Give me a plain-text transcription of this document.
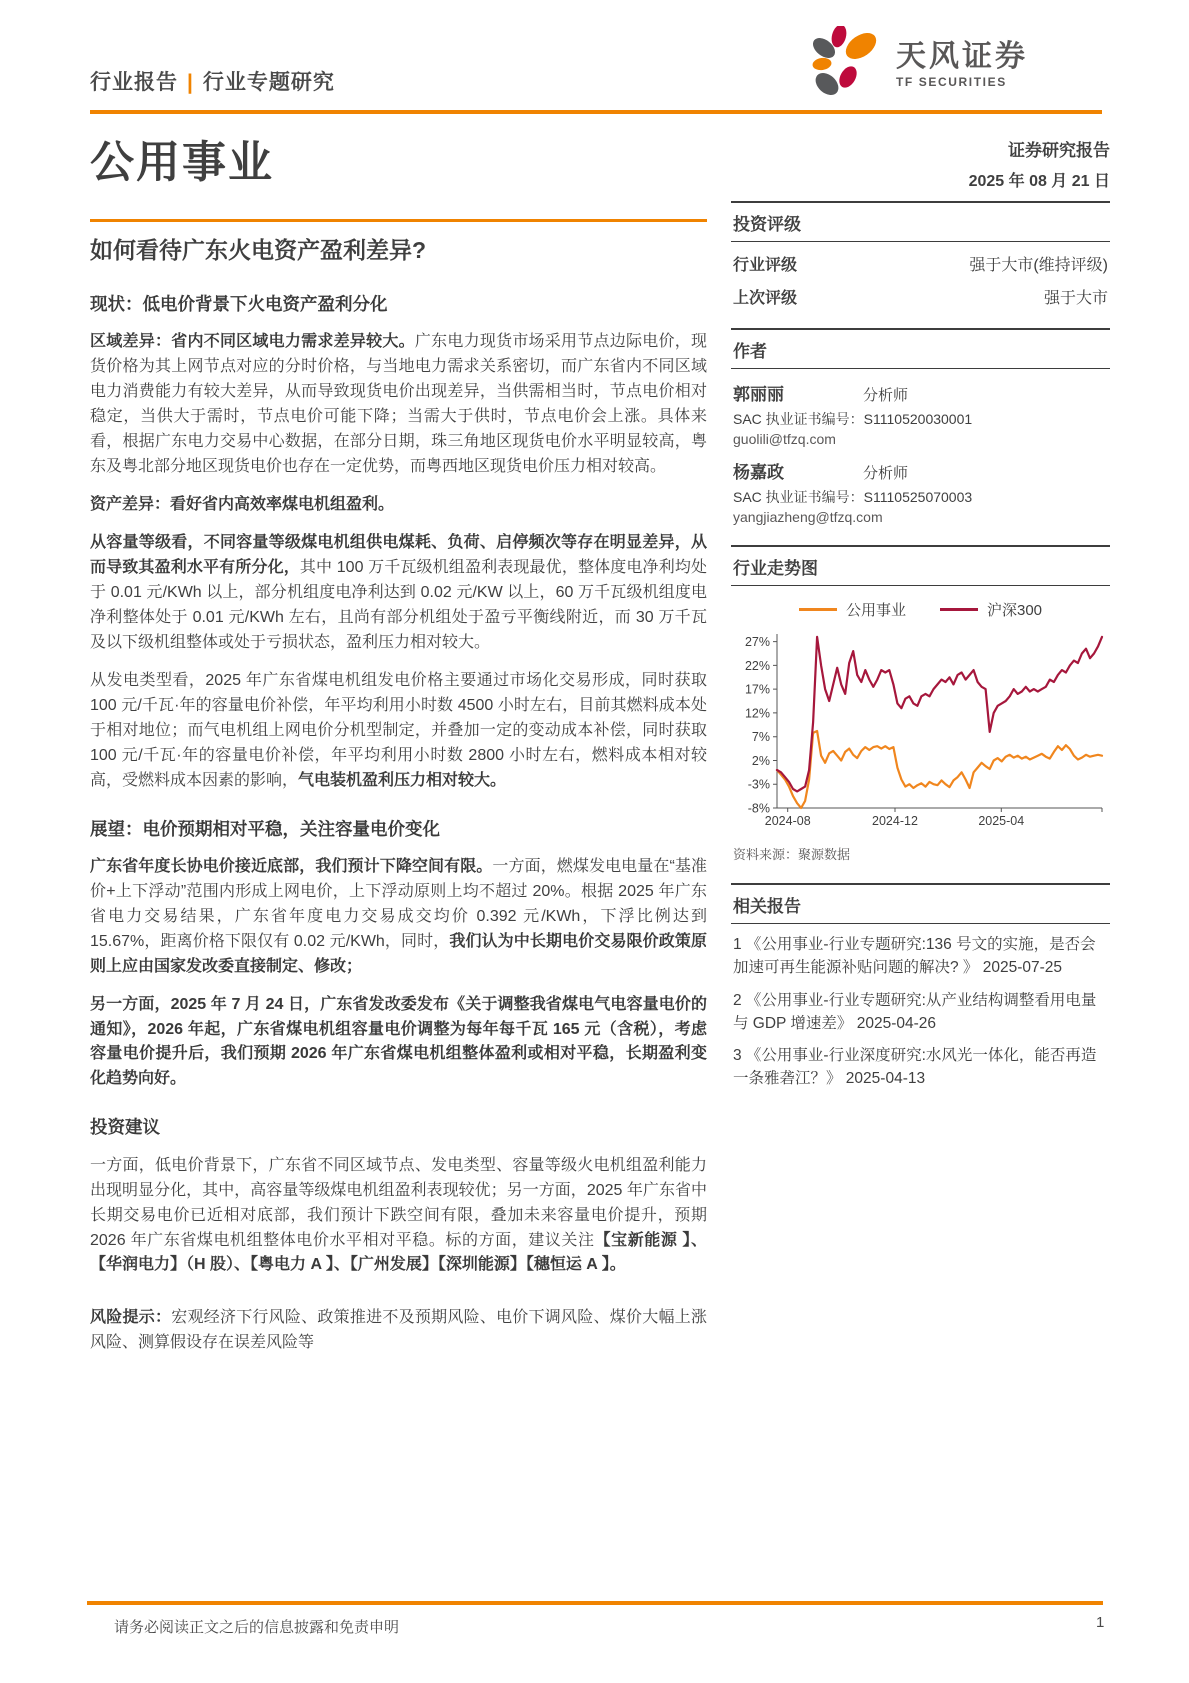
行业报告 | 行业专题研究
天风证券
TF SECURITIES
公用事业
如何看待广东火电资产盈利差异?
现状：低电价背景下火电资产盈利分化

区域差异：省内不同区域电力需求差异较大。广东电力现货市场采用节点边际电价，现货价格为其上网节点对应的分时价格，与当地电力需求关系密切，而广东省内不同区域电力消费能力有较大差异，从而导致现货电价出现差异，当供需相当时，节点电价相对稳定，当供大于需时，节点电价可能下降；当需大于供时，节点电价会上涨。具体来看，根据广东电力交易中心数据，在部分日期，珠三角地区现货电价水平明显较高，粤东及粤北部分地区现货电价也存在一定优势，而粤西地区现货电价压力相对较高。

资产差异：看好省内高效率煤电机组盈利。

从容量等级看，不同容量等级煤电机组供电煤耗、负荷、启停频次等存在明显差异，从而导致其盈利水平有所分化，其中 100 万千瓦级机组盈利表现最优，整体度电净利均处于 0.01 元/KWh 以上，部分机组度电净利达到 0.02 元/KW 以上，60 万千瓦级机组度电净利整体处于 0.01 元/KWh 左右，且尚有部分机组处于盈亏平衡线附近，而 30 万千瓦及以下级机组整体或处于亏损状态，盈利压力相对较大。

从发电类型看，2025 年广东省煤电机组发电价格主要通过市场化交易形成，同时获取 100 元/千瓦·年的容量电价补偿，年平均利用小时数 4500 小时左右，目前其燃料成本处于相对地位；而气电机组上网电价分机型制定，并叠加一定的变动成本补偿，同时获取 100 元/千瓦·年的容量电价补偿，年平均利用小时数 2800 小时左右，燃料成本相对较高，受燃料成本因素的影响，气电装机盈利压力相对较大。

展望：电价预期相对平稳，关注容量电价变化

广东省年度长协电价接近底部，我们预计下降空间有限。一方面，燃煤发电电量在“基准价+上下浮动”范围内形成上网电价，上下浮动原则上均不超过 20%。根据 2025 年广东省电力交易结果，广东省年度电力交易成交均价 0.392 元/KWh，下浮比例达到 15.67%，距离价格下限仅有 0.02 元/KWh，同时，我们认为中长期电价交易限价政策原则上应由国家发改委直接制定、修改；

另一方面，2025 年 7 月 24 日，广东省发改委发布《关于调整我省煤电气电容量电价的通知》，2026 年起，广东省煤电机组容量电价调整为每年每千瓦 165 元（含税），考虑容量电价提升后，我们预期 2026 年广东省煤电机组整体盈利或相对平稳，长期盈利变化趋势向好。

投资建议

一方面，低电价背景下，广东省不同区域节点、发电类型、容量等级火电机组盈利能力出现明显分化，其中，高容量等级煤电机组盈利表现较优；另一方面，2025 年广东省中长期交易电价已近相对底部，我们预计下跌空间有限，叠加未来容量电价提升，预期 2026 年广东省煤电机组整体电价水平相对平稳。标的方面，建议关注【宝新能源 】、【华润电力】（H 股）、【粤电力 A 】、【广州发展】【深圳能源】【穗恒运 A 】。

风险提示：宏观经济下行风险、政策推进不及预期风险、电价下调风险、煤价大幅上涨风险、测算假设存在误差风险等

证券研究报告
2025 年 08 月 21 日
投资评级
行业评级	强于大市(维持评级)
上次评级	强于大市
作者
郭丽丽	分析师
SAC 执业证书编号：S1110520030001
guolili@tfzq.com
杨嘉政	分析师
SAC 执业证书编号：S1110525070003
yangjiazheng@tfzq.com
行业走势图
公用事业	沪深300
27%
22%
17%
12%
7%
2%
-3%
-8%
2024-08	2024-12	2025-04
资料来源：聚源数据
相关报告
1 《公用事业-行业专题研究:136 号文的实施，是否会加速可再生能源补贴问题的解决? 》 2025-07-25
2 《公用事业-行业专题研究:从产业结构调整看用电量与 GDP 增速差》 2025-04-26
3 《公用事业-行业深度研究:水风光一体化，能否再造一条雅砻江？》 2025-04-13
请务必阅读正文之后的信息披露和免责申明	1
